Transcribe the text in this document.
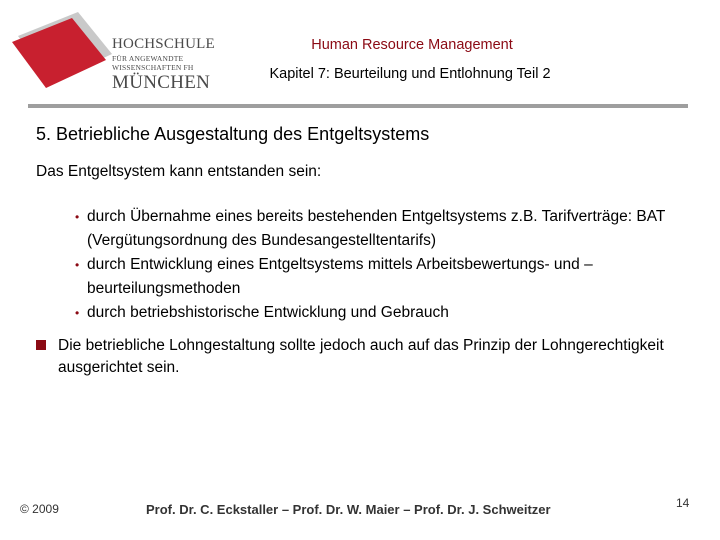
HOCHSCHULE
FÜR ANGEWANDTE
WISSENSCHAFTEN FH
MÜNCHEN
Human Resource Management
Kapitel 7: Beurteilung und Entlohnung Teil 2
5. Betriebliche Ausgestaltung des Entgeltsystems
Das Entgeltsystem kann entstanden sein:
• durch Übernahme eines bereits bestehenden Entgeltsystems z.B. Tarifverträge: BAT (Vergütungsordnung des Bundesangestelltentarifs)
• durch Entwicklung eines Entgeltsystems mittels Arbeitsbewertungs- und – beurteilungsmethoden
• durch betriebshistorische Entwicklung und Gebrauch
Die betriebliche Lohngestaltung sollte jedoch auch auf das Prinzip der Lohngerechtigkeit ausgerichtet sein.
© 2009	Prof. Dr. C. Eckstaller – Prof. Dr. W. Maier – Prof. Dr. J. Schweitzer	14
